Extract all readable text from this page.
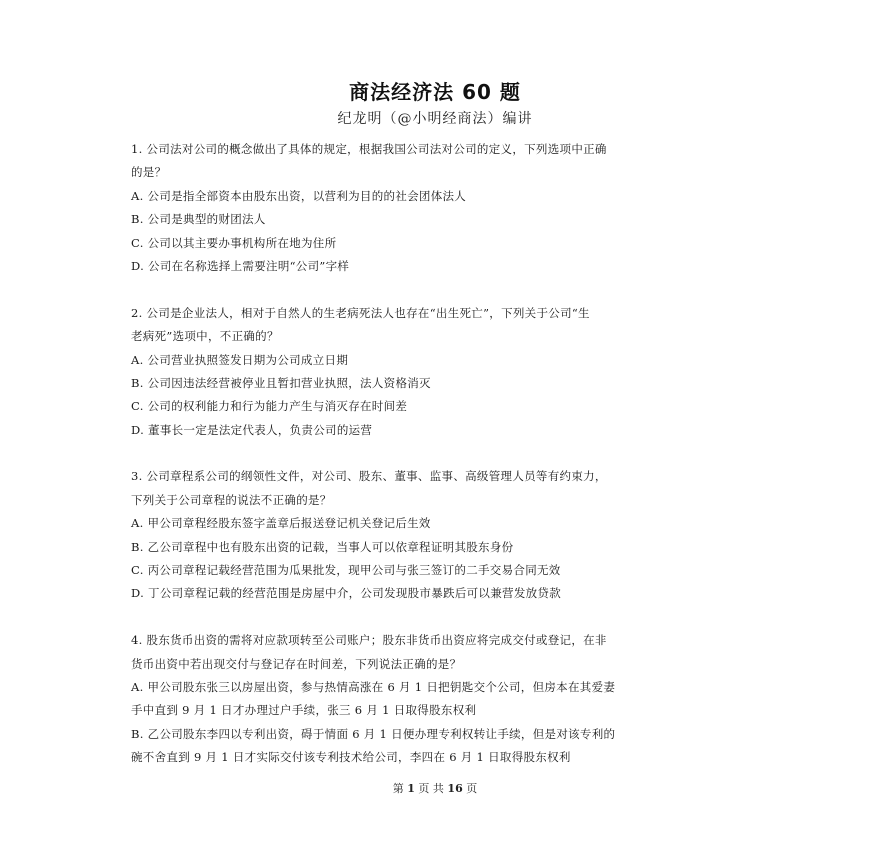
商法经济法 60 题
纪龙明（@小明经商法）编讲
1. 公司法对公司的概念做出了具体的规定，根据我国公司法对公司的定义，下列选项中正确
的是？
A. 公司是指全部资本由股东出资，以营利为目的的社会团体法人
B. 公司是典型的财团法人
C. 公司以其主要办事机构所在地为住所
D. 公司在名称选择上需要注明“公司”字样
2. 公司是企业法人，相对于自然人的生老病死法人也存在“出生死亡”，下列关于公司“生
老病死”选项中，不正确的？
A. 公司营业执照签发日期为公司成立日期
B. 公司因违法经营被停业且暂扣营业执照，法人资格消灭
C. 公司的权利能力和行为能力产生与消灭存在时间差
D. 董事长一定是法定代表人，负责公司的运营
3. 公司章程系公司的纲领性文件，对公司、股东、董事、监事、高级管理人员等有约束力，
下列关于公司章程的说法不正确的是？
A. 甲公司章程经股东签字盖章后报送登记机关登记后生效
B. 乙公司章程中也有股东出资的记载，当事人可以依章程证明其股东身份
C. 丙公司章程记载经营范围为瓜果批发，现甲公司与张三签订的二手交易合同无效
D. 丁公司章程记载的经营范围是房屋中介，公司发现股市暴跌后可以兼营发放贷款
4. 股东货币出资的需将对应款项转至公司账户；股东非货币出资应将完成交付或登记，在非
货币出资中若出现交付与登记存在时间差，下列说法正确的是？
A. 甲公司股东张三以房屋出资，参与热情高涨在 6 月 1 日把钥匙交个公司，但房本在其爱妻
手中直到 9 月 1 日才办理过户手续，张三 6 月 1 日取得股东权利
B. 乙公司股东李四以专利出资，碍于情面 6 月 1 日便办理专利权转让手续，但是对该专利的
碗不舍直到 9 月 1 日才实际交付该专利技术给公司，李四在 6 月 1 日取得股东权利
第 1 页 共 16 页
